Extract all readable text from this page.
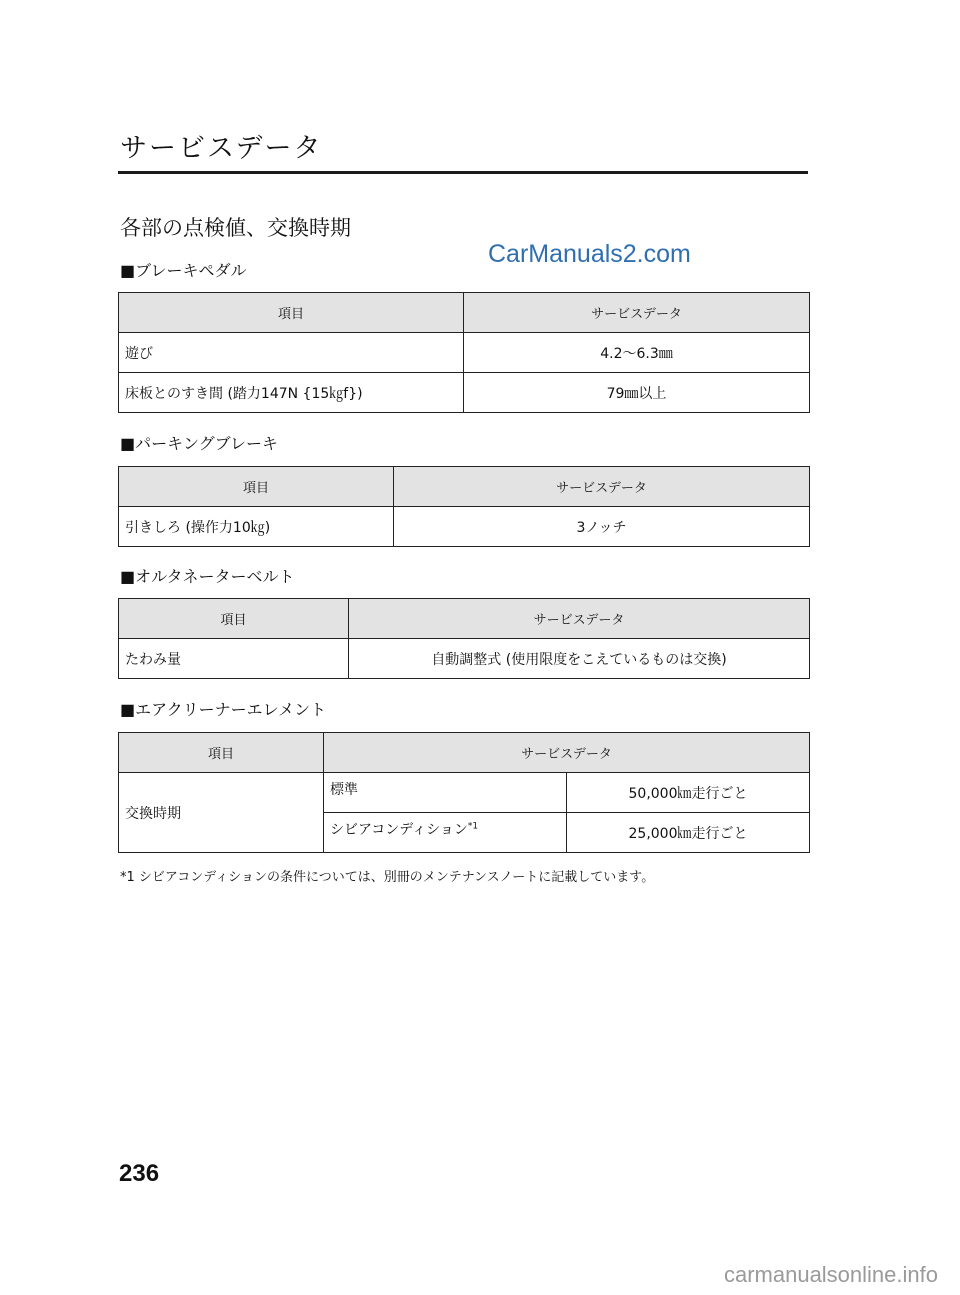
サービスデータ
各部の点検値、交換時期
CarManuals2.com
■ブレーキペダル
項目	サービスデータ
遊び	4.2〜6.3㎜
床板とのすき間 (踏力147N {15㎏f})	79㎜以上
■パーキングブレーキ
項目	サービスデータ
引きしろ (操作力10㎏)	3ノッチ
■オルタネーターベルト
項目	サービスデータ
たわみ量	自動調整式 (使用限度をこえているものは交換)
■エアクリーナーエレメント
項目	サービスデータ	
交換時期	標準	50,000㎞走行ごと
	シビアコンディション$^{*1}$	25,000㎞走行ごと
*1 シビアコンディションの条件については、別冊のメンテナンスノートに記載しています。
236
carmanualsonline.info
